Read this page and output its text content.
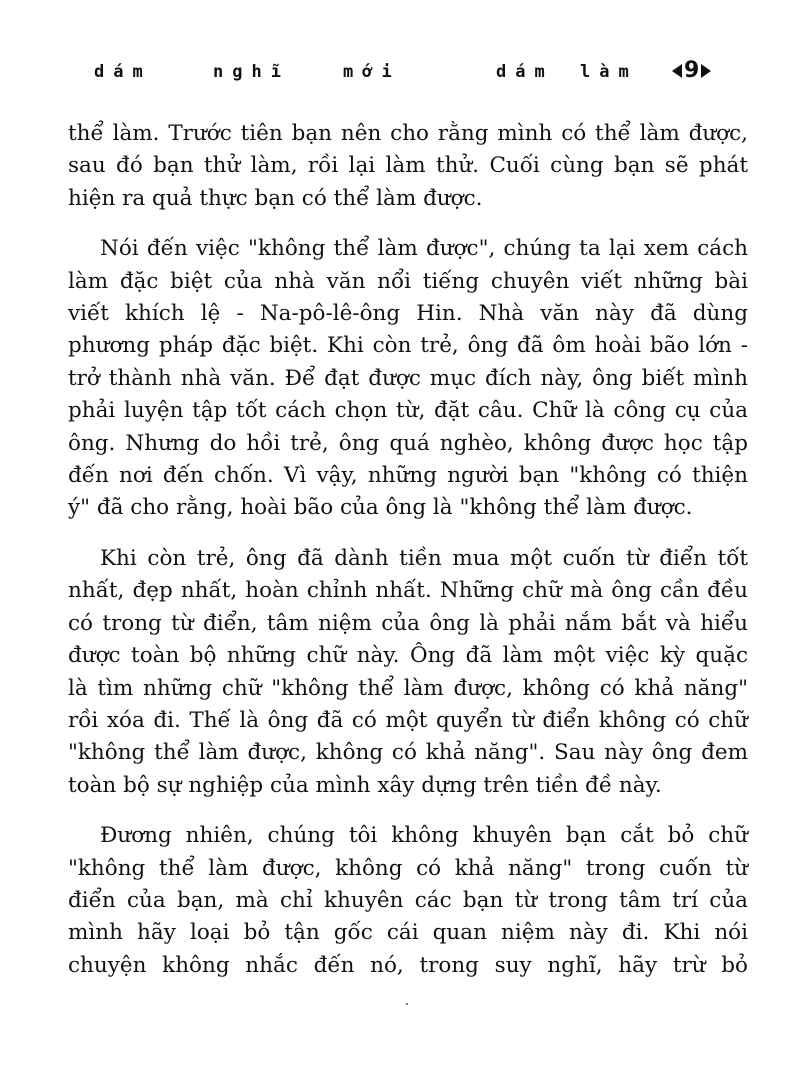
dám	nghĩ	mới	dám làm 9

thể làm. Trước tiên bạn nên cho rằng mình có thể làm được,
sau đó bạn thử làm, rồi lại làm thử. Cuối cùng bạn sẽ phát
hiện ra quả thực bạn có thể làm được.

Nói đến việc "không thể làm được", chúng ta lại xem cách
làm đặc biệt của nhà văn nổi tiếng chuyên viết những bài
viết khích lệ - Na-pô-lê-ông Hin. Nhà văn này đã dùng
phương pháp đặc biệt. Khi còn trẻ, ông đã ôm hoài bão lớn -
trở thành nhà văn. Để đạt được mục đích này, ông biết mình
phải luyện tập tốt cách chọn từ, đặt câu. Chữ là công cụ của
ông. Nhưng do hồi trẻ, ông quá nghèo, không được học tập
đến nơi đến chốn. Vì vậy, những người bạn "không có thiện
ý" đã cho rằng, hoài bão của ông là "không thể làm được.

Khi còn trẻ, ông đã dành tiền mua một cuốn từ điển tốt
nhất, đẹp nhất, hoàn chỉnh nhất. Những chữ mà ông cần đều
có trong từ điển, tâm niệm của ông là phải nắm bắt và hiểu
được toàn bộ những chữ này. Ông đã làm một việc kỳ quặc
là tìm những chữ "không thể làm được, không có khả năng"
rồi xóa đi. Thế là ông đã có một quyển từ điển không có chữ
"không thể làm được, không có khả năng". Sau này ông đem
toàn bộ sự nghiệp của mình xây dựng trên tiền đề này.

Đương nhiên, chúng tôi không khuyên bạn cắt bỏ chữ
"không thể làm được, không có khả năng" trong cuốn từ
điển của bạn, mà chỉ khuyên các bạn từ trong tâm trí của
mình hãy loại bỏ tận gốc cái quan niệm này đi. Khi nói
chuyện không nhắc đến nó, trong suy nghĩ, hãy trừ bỏ
